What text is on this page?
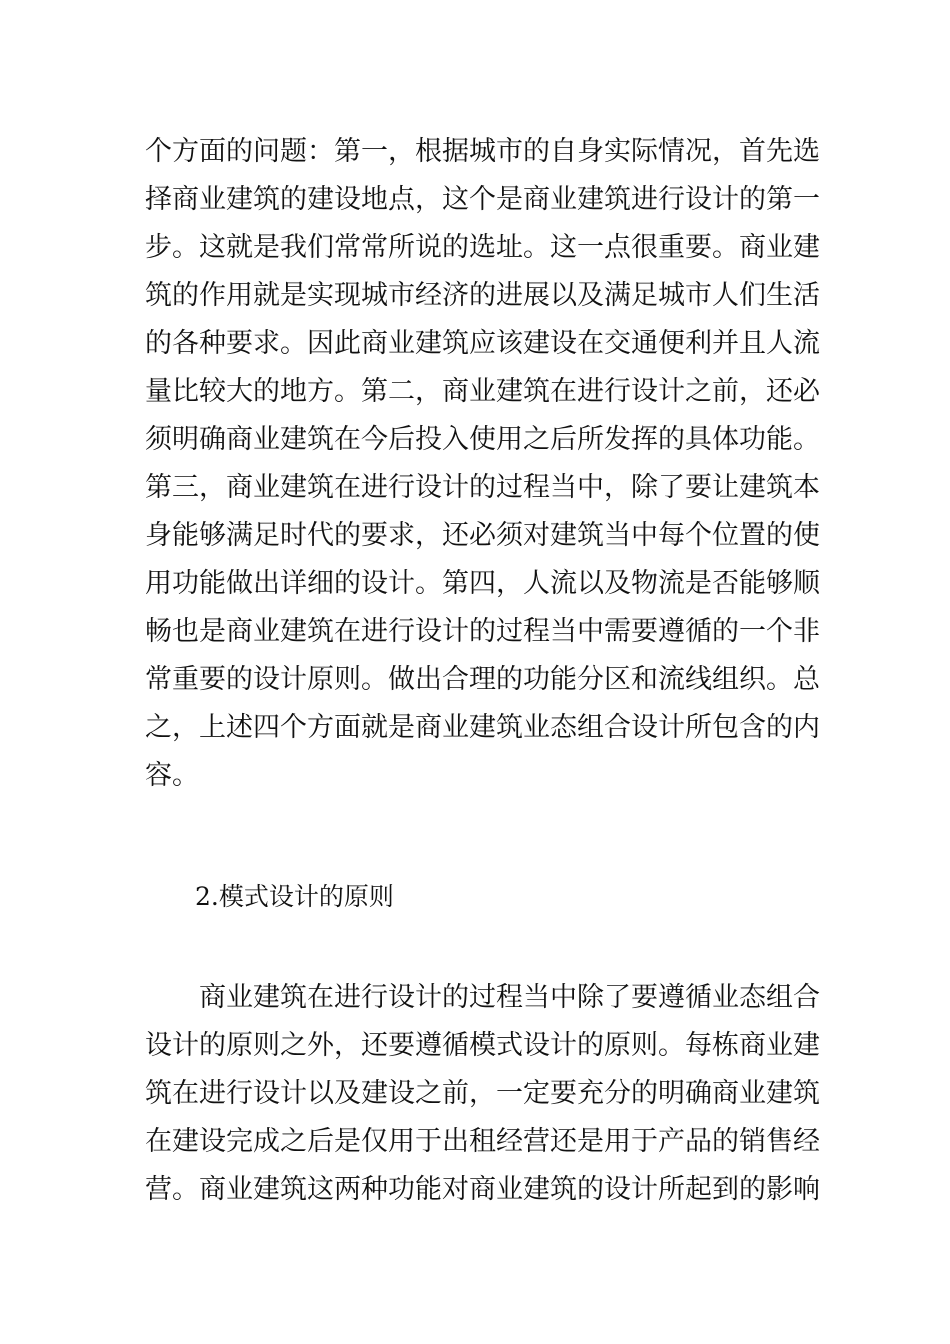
个方面的问题：第一，根据城市的自身实际情况，首先选
择商业建筑的建设地点，这个是商业建筑进行设计的第一
步。这就是我们常常所说的选址。这一点很重要。商业建
筑的作用就是实现城市经济的进展以及满足城市人们生活
的各种要求。因此商业建筑应该建设在交通便利并且人流
量比较大的地方。第二，商业建筑在进行设计之前，还必
须明确商业建筑在今后投入使用之后所发挥的具体功能。
第三，商业建筑在进行设计的过程当中，除了要让建筑本
身能够满足时代的要求，还必须对建筑当中每个位置的使
用功能做出详细的设计。第四，人流以及物流是否能够顺
畅也是商业建筑在进行设计的过程当中需要遵循的一个非
常重要的设计原则。做出合理的功能分区和流线组织。总
之，上述四个方面就是商业建筑业态组合设计所包含的内
容。
2.模式设计的原则
商业建筑在进行设计的过程当中除了要遵循业态组合
设计的原则之外，还要遵循模式设计的原则。每栋商业建
筑在进行设计以及建设之前，一定要充分的明确商业建筑
在建设完成之后是仅用于出租经营还是用于产品的销售经
营。商业建筑这两种功能对商业建筑的设计所起到的影响
